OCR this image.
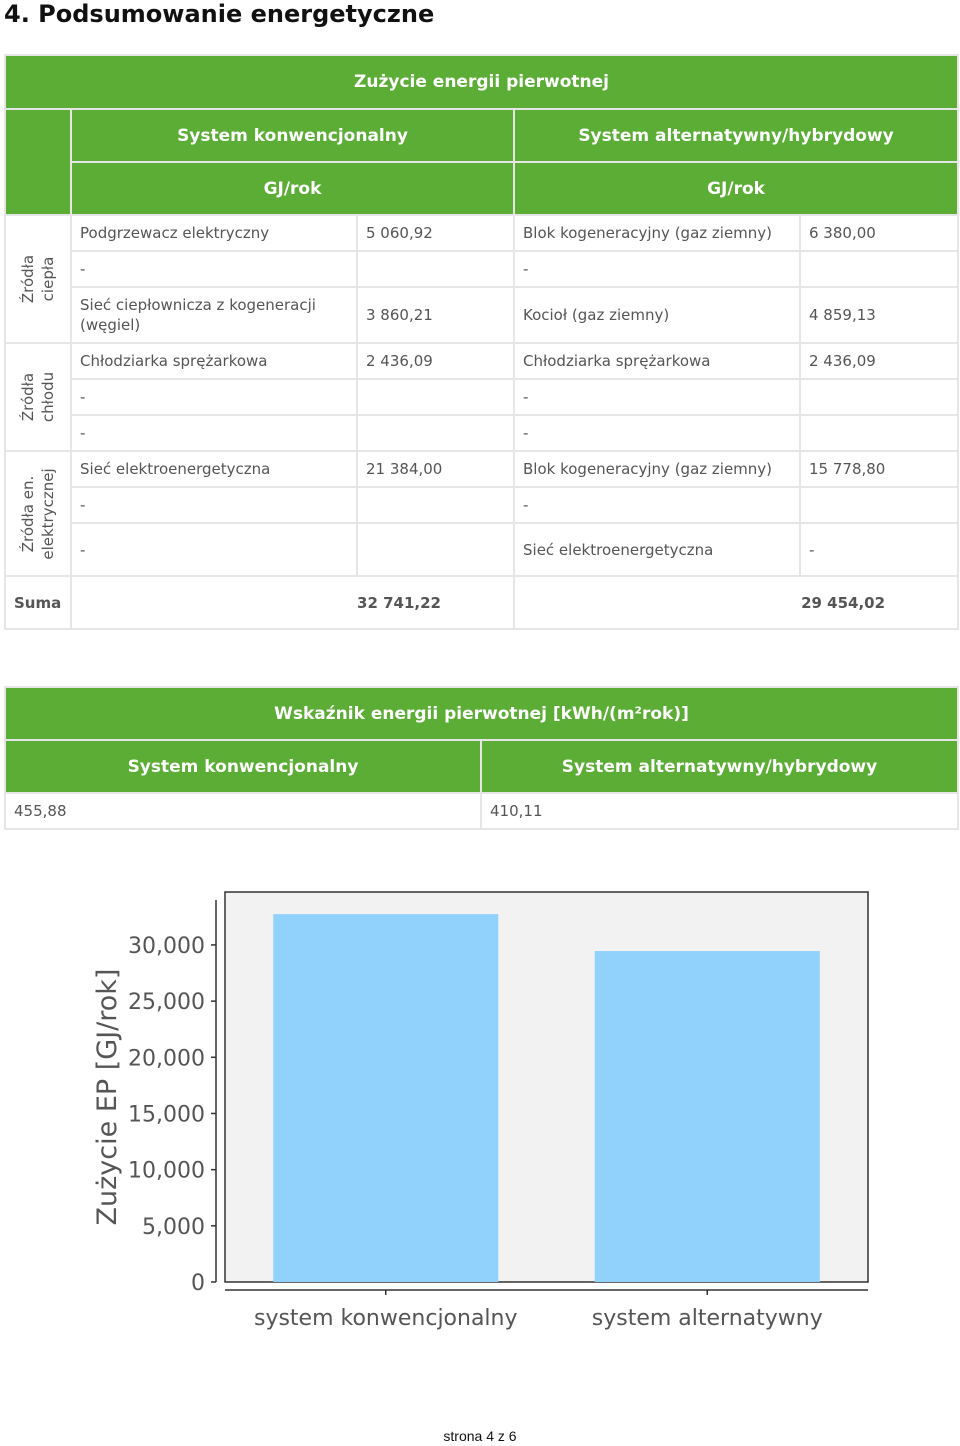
4. Podsumowanie energetyczne
Zużycie energii pierwotnej				
	System konwencjonalny		System alternatywny/hybrydowy	
	GJ/rok		GJ/rok	

Źródła ciepła	Podgrzewacz elektryczny	5 060,92	Blok kogeneracyjny (gaz ziemny)	6 380,00
	-		-	
	Sieć ciepłownicza z kogeneracji (węgiel)	3 860,21	Kocioł (gaz ziemny)	4 859,13

Źródła chłodu	Chłodziarka sprężarkowa	2 436,09	Chłodziarka sprężarkowa	2 436,09
	-		-	
	-		-	

Źródła en. elektrycznej	Sieć elektroenergetyczna	21 384,00	Blok kogeneracyjny (gaz ziemny)	15 778,80
	-		-	
	-		Sieć elektroenergetyczna	-
Suma	32 741,22		29 454,02	
Wskaźnik energii pierwotnej [kWh/(m²rok)]	
System konwencjonalny	System alternatywny/hybrydowy
455,88	410,11
0
5,000
10,000
15,000
20,000
25,000
30,000
system konwencjonalny	system alternatywny
Zużycie EP [GJ/rok]
strona 4 z 6
